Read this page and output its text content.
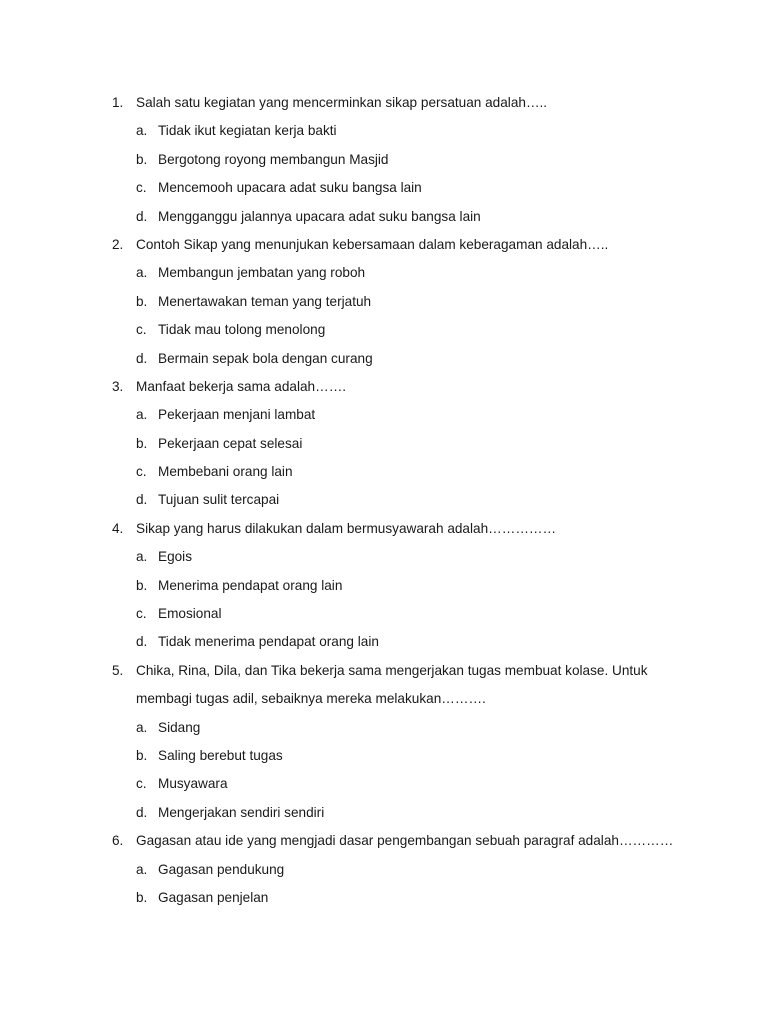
1. Salah satu kegiatan yang mencerminkan sikap persatuan adalah…..
a. Tidak ikut kegiatan kerja bakti
b. Bergotong royong membangun Masjid
c. Mencemooh upacara adat suku bangsa lain
d. Mengganggu jalannya upacara adat suku bangsa lain
2. Contoh Sikap yang menunjukan kebersamaan dalam keberagaman adalah…..
a. Membangun jembatan yang roboh
b. Menertawakan teman yang terjatuh
c. Tidak mau tolong menolong
d. Bermain sepak bola dengan curang
3. Manfaat bekerja sama adalah…….
a. Pekerjaan menjani lambat
b. Pekerjaan cepat selesai
c. Membebani orang lain
d. Tujuan sulit tercapai
4. Sikap yang harus dilakukan dalam bermusyawarah adalah……………
a. Egois
b. Menerima pendapat orang lain
c. Emosional
d. Tidak menerima pendapat orang lain
5. Chika, Rina, Dila, dan Tika bekerja sama mengerjakan tugas membuat kolase. Untuk
membagi tugas adil, sebaiknya mereka melakukan……….
a. Sidang
b. Saling berebut tugas
c. Musyawara
d. Mengerjakan sendiri sendiri
6. Gagasan atau ide yang mengjadi dasar pengembangan sebuah paragraf adalah…………
a. Gagasan pendukung
b. Gagasan penjelan
